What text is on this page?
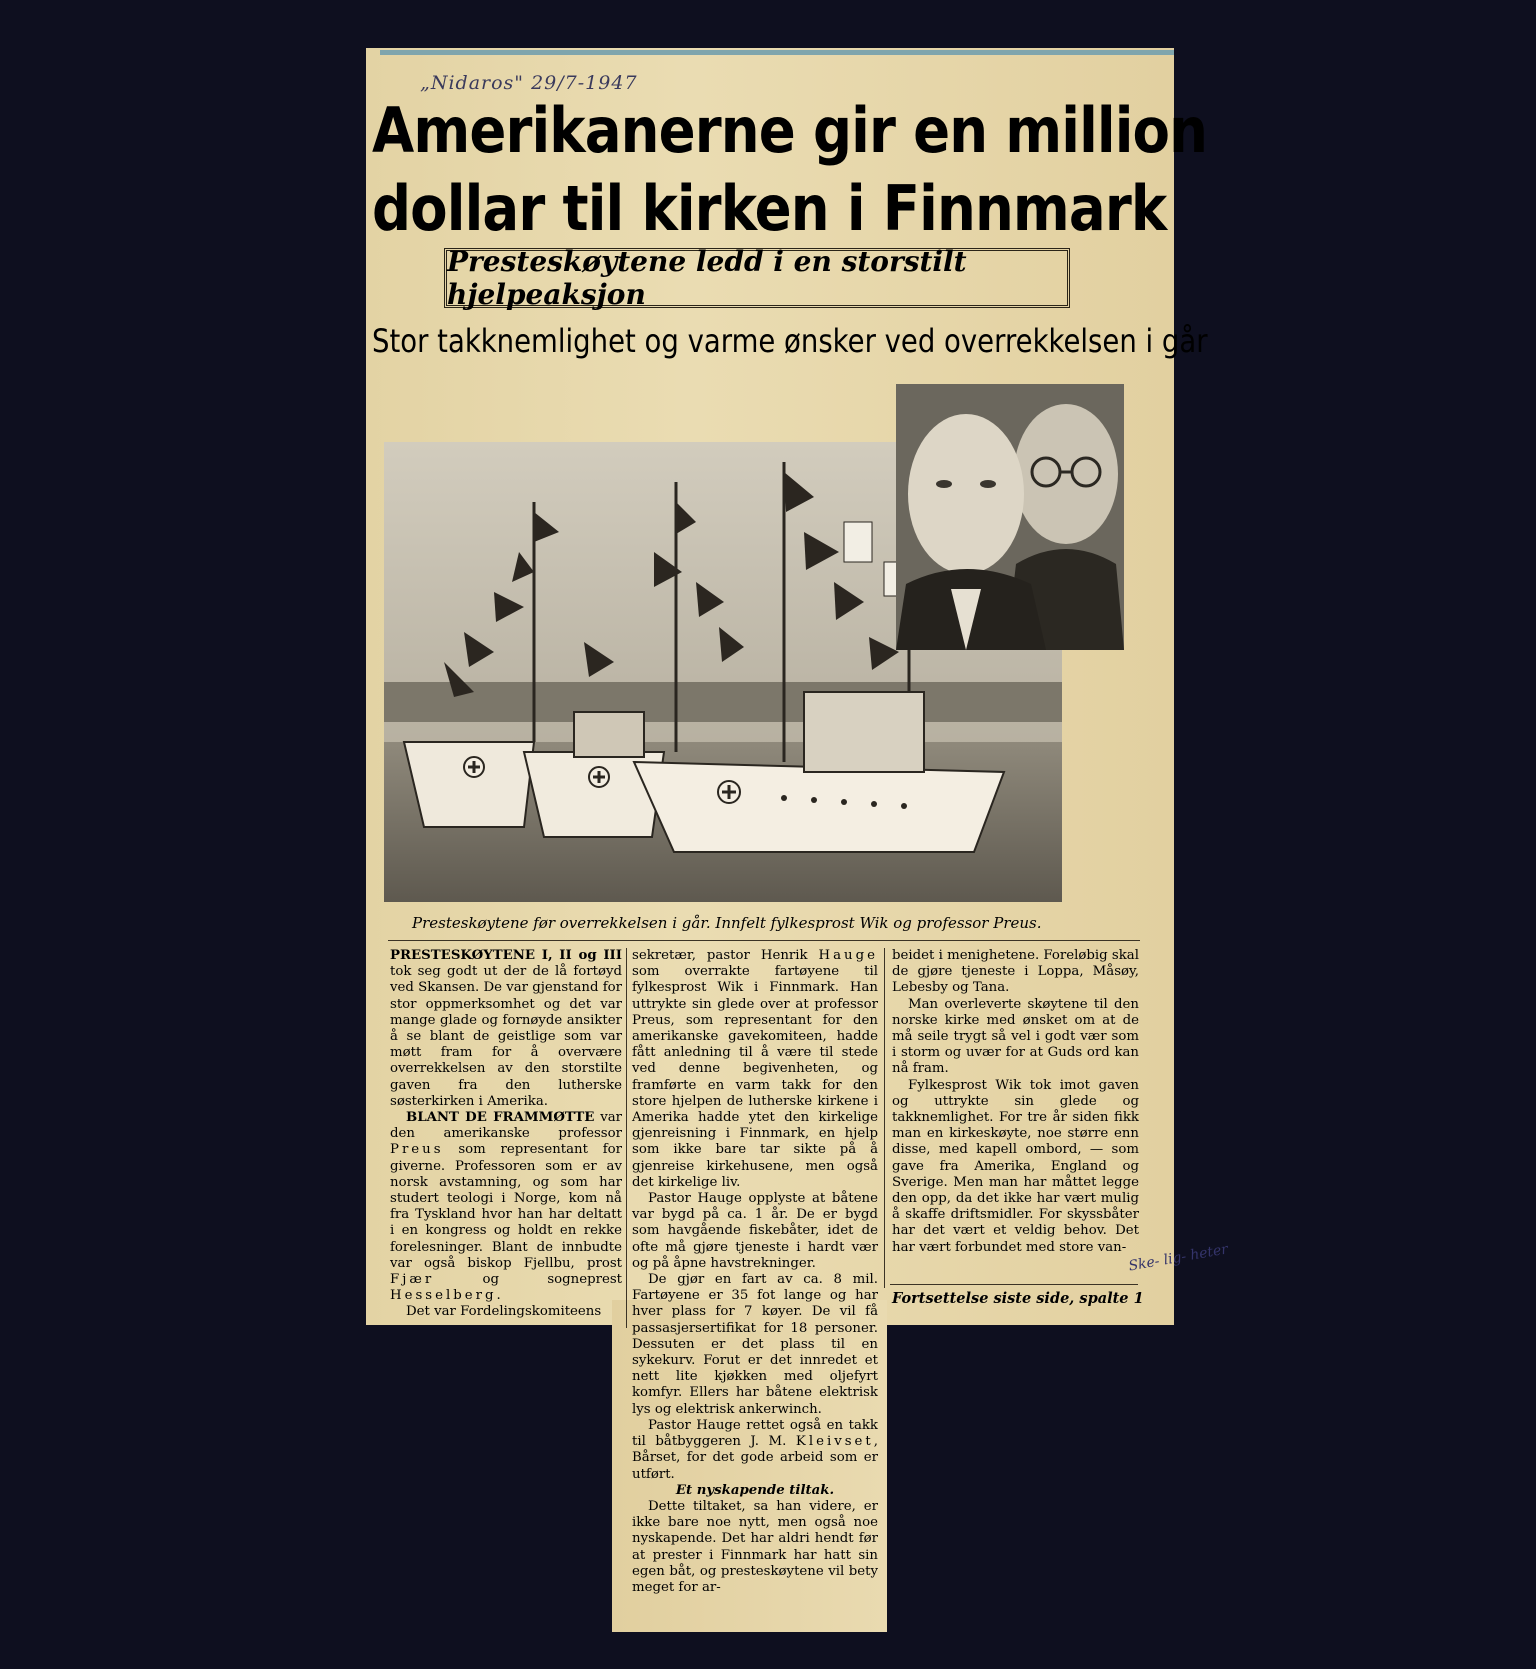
„Nidaros" 29/7-1947
Amerikanerne gir en million
dollar til kirken i Finnmark
Presteskøytene ledd i en storstilt hjelpeaksjon
Stor takknemlighet og varme ønsker ved overrekkelsen i går
Presteskøytene før overrekkelsen i går. Innfelt fylkesprost Wik og professor Preus.

PRESTESKØYTENE I, II og III tok seg godt ut der de lå fortøyd ved Skansen. De var gjenstand for stor oppmerksomhet og det var mange glade og fornøyde ansikter å se blant de geistlige som var møtt fram for å overvære overrekkelsen av den storstilte gaven fra den lutherske søsterkirken i Amerika.

BLANT DE FRAMMØTTE var den amerikanske professor Preus som representant for giverne. Professoren som er av norsk avstamning, og som har studert teologi i Norge, kom nå fra Tyskland hvor han har deltatt i en kongress og holdt en rekke forelesninger. Blant de innbudte var også biskop Fjellbu, prost Fjær og sogneprest Hesselberg.

Det var Fordelingskomiteens

sekretær, pastor Henrik Hauge som overrakte fartøyene til fylkesprost Wik i Finnmark. Han uttrykte sin glede over at professor Preus, som representant for den amerikanske gavekomiteen, hadde fått anledning til å være til stede ved denne begivenheten, og framførte en varm takk for den store hjelpen de lutherske kirkene i Amerika hadde ytet den kirkelige gjenreisning i Finnmark, en hjelp som ikke bare tar sikte på å gjenreise kirkehusene, men også det kirkelige liv.

Pastor Hauge opplyste at båtene var bygd på ca. 1 år. De er bygd som havgående fiskebåter, idet de ofte må gjøre tjeneste i hardt vær og på åpne havstrekninger.

De gjør en fart av ca. 8 mil. Fartøyene er 35 fot lange og har hver plass for 7 køyer. De vil få passasjersertifikat for 18 personer. Dessuten er det plass til en sykekurv. Forut er det innredet et nett lite kjøkken med oljefyrt komfyr. Ellers har båtene elektrisk lys og elektrisk ankerwinch.

Pastor Hauge rettet også en takk til båtbyggeren J. M. Kleivset, Bårset, for det gode arbeid som er utført.

Et nyskapende tiltak.

Dette tiltaket, sa han videre, er ikke bare noe nytt, men også noe nyskapende. Det har aldri hendt før at prester i Finnmark har hatt sin egen båt, og presteskøytene vil bety meget for ar-

beidet i menighetene. Foreløbig skal de gjøre tjeneste i Loppa, Måsøy, Lebesby og Tana.

Man overleverte skøytene til den norske kirke med ønsket om at de må seile trygt så vel i godt vær som i storm og uvær for at Guds ord kan nå fram.

Fylkesprost Wik tok imot gaven og uttrykte sin glede og takknemlighet. For tre år siden fikk man en kirkeskøyte, noe større enn disse, med kapell ombord, — som gave fra Amerika, England og Sverige. Men man har måttet legge den opp, da det ikke har vært mulig å skaffe driftsmidler. For skyssbåter har det vært et veldig behov. Det har vært forbundet med store van-

Fortsettelse siste side, spalte 1
Ske- lig- heter
